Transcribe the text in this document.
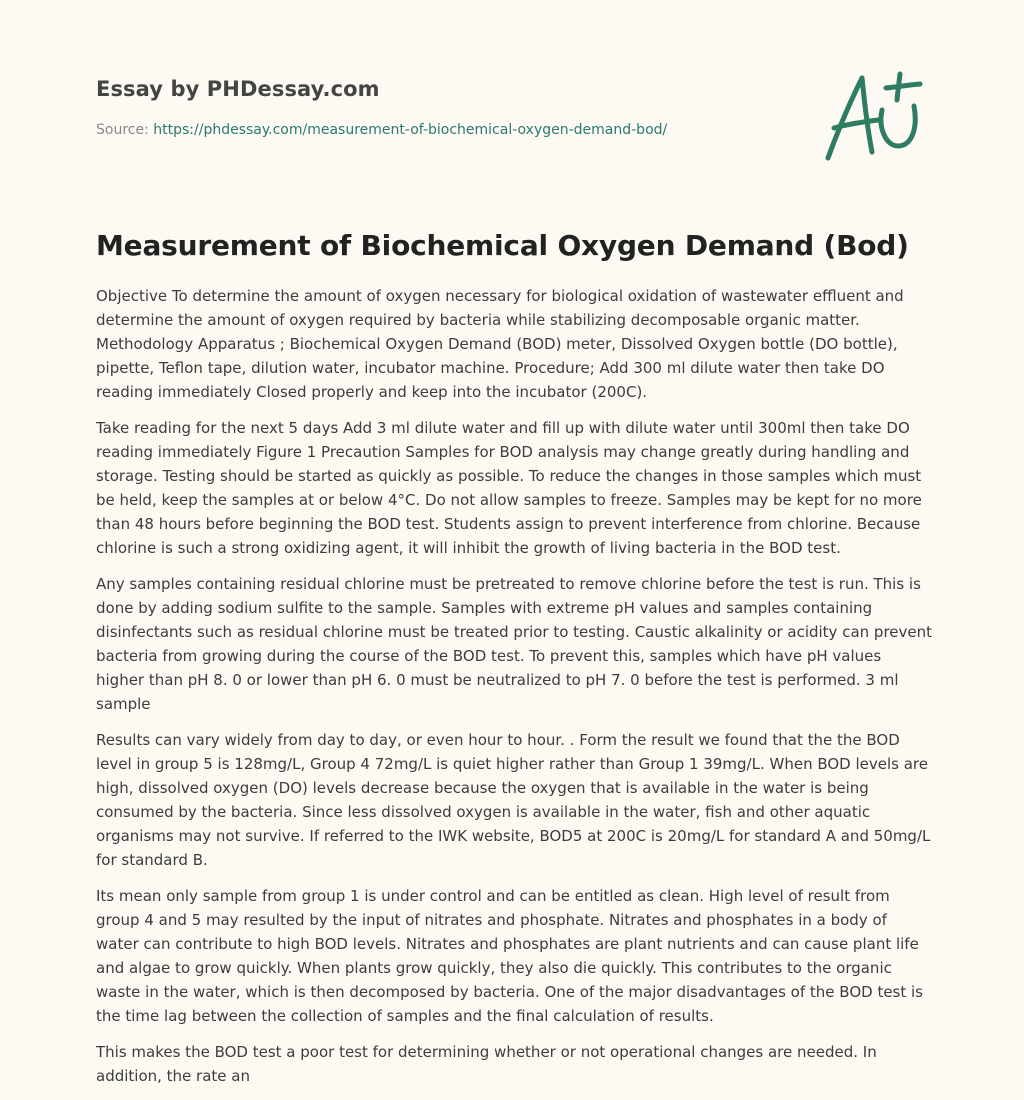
Essay by PHDessay.com
Source: https://phdessay.com/measurement-of-biochemical-oxygen-demand-bod/
Measurement of Biochemical Oxygen Demand (Bod)

Objective To determine the amount of oxygen necessary for biological oxidation of wastewater effluent and determine the amount of oxygen required by bacteria while stabilizing decomposable organic matter. Methodology Apparatus ; Biochemical Oxygen Demand (BOD) meter, Dissolved Oxygen bottle (DO bottle), pipette, Teflon tape, dilution water, incubator machine. Procedure; Add 300 ml dilute water then take DO reading immediately Closed properly and keep into the incubator (200C).

Take reading for the next 5 days Add 3 ml dilute water and fill up with dilute water until 300ml then take DO reading immediately Figure 1 Precaution Samples for BOD analysis may change greatly during handling and storage. Testing should be started as quickly as possible. To reduce the changes in those samples which must be held, keep the samples at or below 4°C. Do not allow samples to freeze. Samples may be kept for no more than 48 hours before beginning the BOD test. Students assign to prevent interference from chlorine. Because chlorine is such a strong oxidizing agent, it will inhibit the growth of living bacteria in the BOD test.

Any samples containing residual chlorine must be pretreated to remove chlorine before the test is run. This is done by adding sodium sulfite to the sample. Samples with extreme pH values and samples containing disinfectants such as residual chlorine must be treated prior to testing. Caustic alkalinity or acidity can prevent bacteria from growing during the course of the BOD test. To prevent this, samples which have pH values higher than pH 8. 0 or lower than pH 6. 0 must be neutralized to pH 7. 0 before the test is performed. 3 ml sample

Results can vary widely from day to day, or even hour to hour. . Form the result we found that the the BOD level in group 5 is 128mg/L, Group 4 72mg/L is quiet higher rather than Group 1 39mg/L. When BOD levels are high, dissolved oxygen (DO) levels decrease because the oxygen that is available in the water is being consumed by the bacteria. Since less dissolved oxygen is available in the water, fish and other aquatic organisms may not survive. If referred to the IWK website, BOD5 at 200C is 20mg/L for standard A and 50mg/L for standard B.

Its mean only sample from group 1 is under control and can be entitled as clean. High level of result from group 4 and 5 may resulted by the input of nitrates and phosphate. Nitrates and phosphates in a body of water can contribute to high BOD levels. Nitrates and phosphates are plant nutrients and can cause plant life and algae to grow quickly. When plants grow quickly, they also die quickly. This contributes to the organic waste in the water, which is then decomposed by bacteria. One of the major disadvantages of the BOD test is the time lag between the collection of samples and the final calculation of results.

This makes the BOD test a poor test for determining whether or not operational changes are needed. In addition, the rate an
